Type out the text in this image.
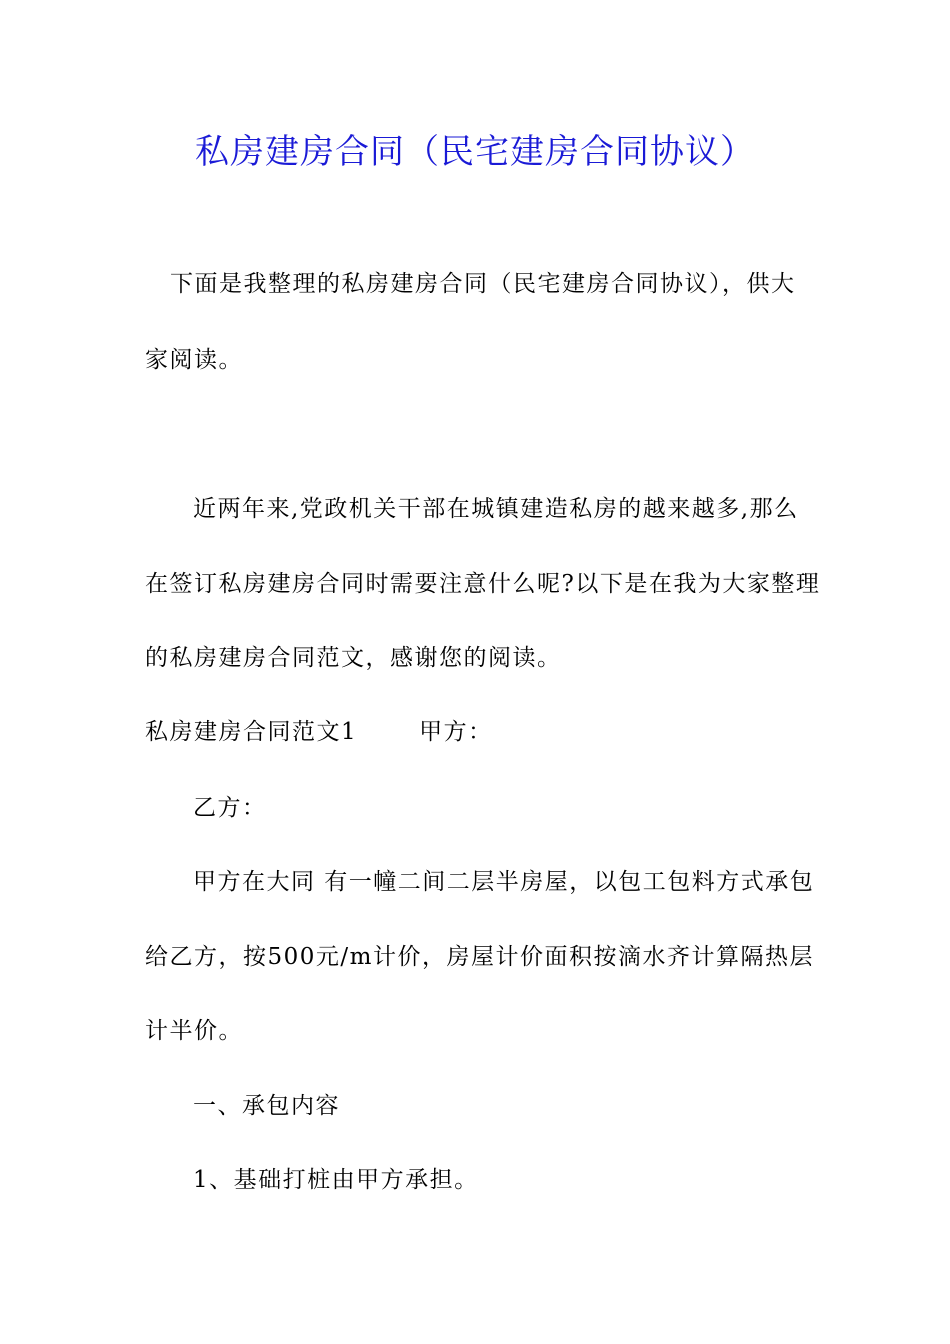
私房建房合同（民宅建房合同协议）
下面是我整理的私房建房合同（民宅建房合同协议），供大
家阅读。
近两年来,党政机关干部在城镇建造私房的越来越多,那么
在签订私房建房合同时需要注意什么呢?以下是在我为大家整理
的私房建房合同范文，感谢您的阅读。
私房建房合同范文1	甲方：
乙方：
甲方在大同 有一幢二间二层半房屋，以包工包料方式承包
给乙方，按500元/m计价，房屋计价面积按滴水齐计算隔热层
计半价。
一、承包内容
1、基础打桩由甲方承担。
